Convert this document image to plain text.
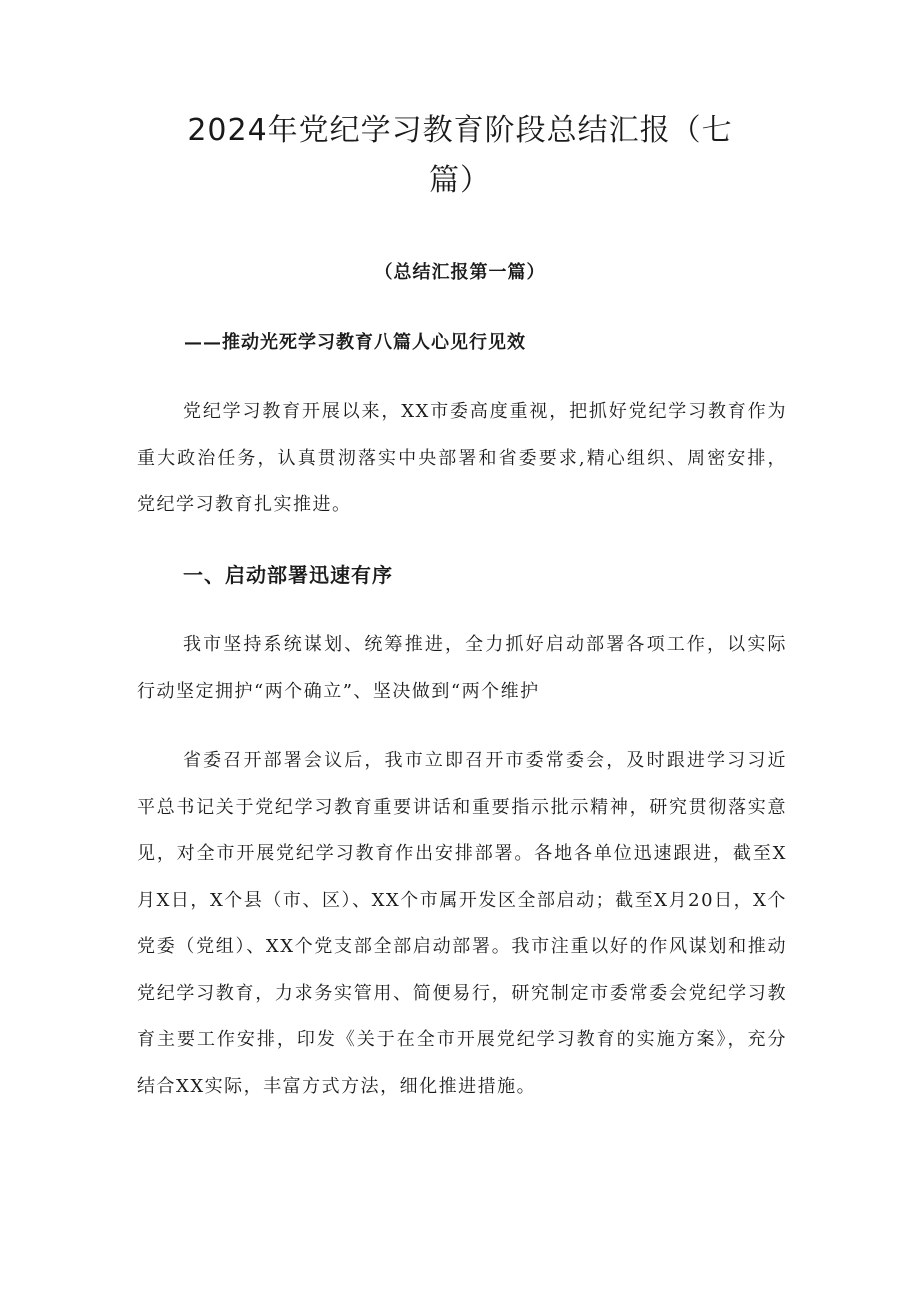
2024年党纪学习教育阶段总结汇报（七
篇）

（总结汇报第一篇）

——推动光死学习教育八篇人心见行见效

党纪学习教育开展以来，XX市委高度重视，把抓好党纪学习教育作为重大政治任务，认真贯沏落实中央部署和省委要求,精心组织、周密安排，党纪学习教育扎实推进。

一、启动部署迅速有序

我市坚持系统谋划、统筹推进，全力抓好启动部署各项工作，以实际行动坚定拥护“两个确立”、坚决做到“两个维护

省委召开部署会议后，我市立即召开市委常委会，及时跟进学习习近平总书记关于党纪学习教育重要讲话和重要指示批示精神，研究贯彻落实意见，对全市开展党纪学习教育作出安排部署。各地各单位迅速跟进，截至X月X日，X个县（市、区）、XX个市属开发区全部启动；截至X月20日，X个党委（党组）、XX个党支部全部启动部署。我市注重以好的作风谋划和推动党纪学习教育，力求务实管用、简便易行，研究制定市委常委会党纪学习教育主要工作安排，印发《关于在全市开展党纪学习教育的实施方案》，充分结合XX实际，丰富方式方法，细化推进措施。
